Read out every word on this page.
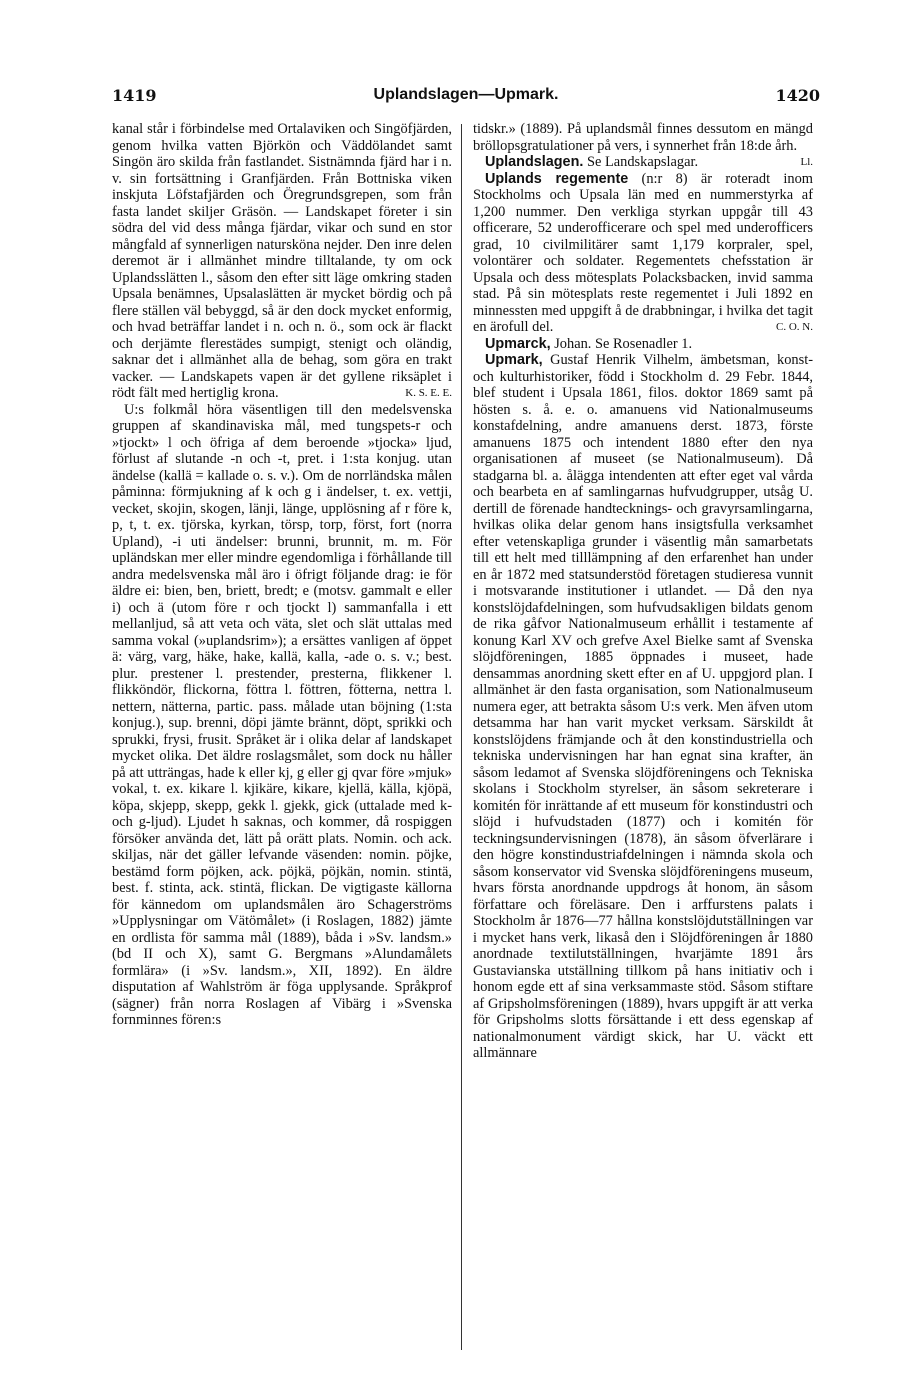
1419	Uplandslagen—Upmark.	1420

kanal står i förbindelse med Ortalaviken och Singöfjärden, genom hvilka vatten Björkön och Väddölandet samt Singön äro skilda från fastlandet. Sistnämnda fjärd har i n. v. sin fortsättning i Granfjärden. Från Bottniska viken inskjuta Löfstafjärden och Öregrundsgrepen, som från fasta landet skiljer Gräsön. — Landskapet företer i sin södra del vid dess många fjärdar, vikar och sund en stor mångfald af synnerligen natursköna nejder. Den inre delen deremot är i allmänhet mindre tilltalande, ty om ock Uplandsslätten l., såsom den efter sitt läge omkring staden Upsala benämnes, Upsalaslätten är mycket bördig och på flere ställen väl bebyggd, så är den dock mycket enformig, och hvad beträffar landet i n. och n. ö., som ock är flackt och derjämte flerestädes sumpigt, stenigt och oländig, saknar det i allmänhet alla de behag, som göra en trakt vacker. — Landskapets vapen är det gyllene riksäplet i rödt fält med hertiglig krona.	K. S. E. E.

U:s folkmål höra väsentligen till den medelsvenska gruppen af skandinaviska mål, med tungspets-r och »tjockt» l och öfriga af dem beroende »tjocka» ljud, förlust af slutande -n och -t, pret. i 1:sta konjug. utan ändelse (kallä = kallade o. s. v.). Om de norrländska målen påminna: förmjukning af k och g i ändelser, t. ex. vettji, vecket, skojin, skogen, länji, länge, upplösning af r före k, p, t, t. ex. tjörska, kyrkan, törsp, torp, först, fort (norra Upland), -i uti ändelser: brunni, brunnit, m. m. För upländskan mer eller mindre egendomliga i förhållande till andra medelsvenska mål äro i öfrigt följande drag: ie för äldre ei: bien, ben, briett, bredt; e (motsv. gammalt e eller i) och ä (utom före r och tjockt l) sammanfalla i ett mellanljud, så att veta och väta, slet och slät uttalas med samma vokal (»uplandsrim»); a ersättes vanligen af öppet ä: värg, varg, häke, hake, kallä, kalla, -ade o. s. v.; best. plur. prestener l. prestender, presterna, flikkener l. flikköndör, flickorna, föttra l. föttren, fötterna, nettra l. nettern, nätterna, partic. pass. målade utan böjning (1:sta konjug.), sup. brenni, döpi jämte brännt, döpt, sprikki och sprukki, frysi, frusit. Språket är i olika delar af landskapet mycket olika. Det äldre roslagsmålet, som dock nu håller på att utträngas, hade k eller kj, g eller gj qvar före »mjuk» vokal, t. ex. kikare l. kjikäre, kikare, kjellä, källa, kjöpä, köpa, skjepp, skepp, gekk l. gjekk, gick (uttalade med k- och g-ljud). Ljudet h saknas, och kommer, då rospiggen försöker använda det, lätt på orätt plats. Nomin. och ack. skiljas, när det gäller lefvande väsenden: nomin. pöjke, bestämd form pöjken, ack. pöjkä, pöjkän, nomin. stintä, best. f. stinta, ack. stintä, flickan. De vigtigaste källorna för kännedom om uplandsmålen äro Schagerströms »Upplysningar om Vätömålet» (i Roslagen, 1882) jämte en ordlista för samma mål (1889), båda i »Sv. landsm.» (bd II och X), samt G. Bergmans »Alundamålets formlära» (i »Sv. landsm.», XII, 1892). En äldre disputation af Wahlström är föga upplysande. Språkprof (sägner) från norra Roslagen af Vibärg i »Svenska fornminnes fören:s

tidskr.» (1889). På uplandsmål finnes dessutom en mängd bröllopsgratulationer på vers, i synnerhet från 18:de årh.
Ll.

Uplandslagen. Se Landskapslagar.

Uplands regemente (n:r 8) är roteradt inom Stockholms och Upsala län med en nummerstyrka af 1,200 nummer. Den verkliga styrkan uppgår till 43 officerare, 52 underofficerare och spel med underofficers grad, 10 civilmilitärer samt 1,179 korpraler, spel, volontärer och soldater. Regementets chefsstation är Upsala och dess mötesplats Polacksbacken, invid samma stad. På sin mötesplats reste regementet i Juli 1892 en minnessten med uppgift å de drabbningar, i hvilka det tagit en ärofull del.	C. O. N.

Upmarck, Johan. Se Rosenadler 1.

Upmark, Gustaf Henrik Vilhelm, ämbetsman, konst- och kulturhistoriker, född i Stockholm d. 29 Febr. 1844, blef student i Upsala 1861, filos. doktor 1869 samt på hösten s. å. e. o. amanuens vid Nationalmuseums konstafdelning, andre amanuens derst. 1873, förste amanuens 1875 och intendent 1880 efter den nya organisationen af museet (se Nationalmuseum). Då stadgarna bl. a. ålägga intendenten att efter eget val vårda och bearbeta en af samlingarnas hufvudgrupper, utsåg U. dertill de förenade handtecknings- och gravyrsamlingarna, hvilkas olika delar genom hans insigtsfulla verksamhet efter vetenskapliga grunder i väsentlig mån samarbetats till ett helt med tilllämpning af den erfarenhet han under en år 1872 med statsunderstöd företagen studieresa vunnit i motsvarande institutioner i utlandet. — Då den nya konstslöjdafdelningen, som hufvudsakligen bildats genom de rika gåfvor Nationalmuseum erhållit i testamente af konung Karl XV och grefve Axel Bielke samt af Svenska slöjdföreningen, 1885 öppnades i museet, hade densammas anordning skett efter en af U. uppgjord plan. I allmänhet är den fasta organisation, som Nationalmuseum numera eger, att betrakta såsom U:s verk. Men äfven utom detsamma har han varit mycket verksam. Särskildt åt konstslöjdens främjande och åt den konstindustriella och tekniska undervisningen har han egnat sina krafter, än såsom ledamot af Svenska slöjdföreningens och Tekniska skolans i Stockholm styrelser, än såsom sekreterare i komitén för inrättande af ett museum för konstindustri och slöjd i hufvudstaden (1877) och i komitén för teckningsundervisningen (1878), än såsom öfverlärare i den högre konstindustriafdelningen i nämnda skola och såsom konservator vid Svenska slöjdföreningens museum, hvars första anordnande uppdrogs åt honom, än såsom författare och föreläsare. Den i arffurstens palats i Stockholm år 1876—77 hållna konstslöjdutställningen var i mycket hans verk, likaså den i Slöjdföreningen år 1880 anordnade textilutställningen, hvarjämte 1891 års Gustavianska utställning tillkom på hans initiativ och i honom egde ett af sina verksammaste stöd. Såsom stiftare af Gripsholmsföreningen (1889), hvars uppgift är att verka för Gripsholms slotts försättande i ett dess egenskap af nationalmonument värdigt skick, har U. väckt ett allmännare
